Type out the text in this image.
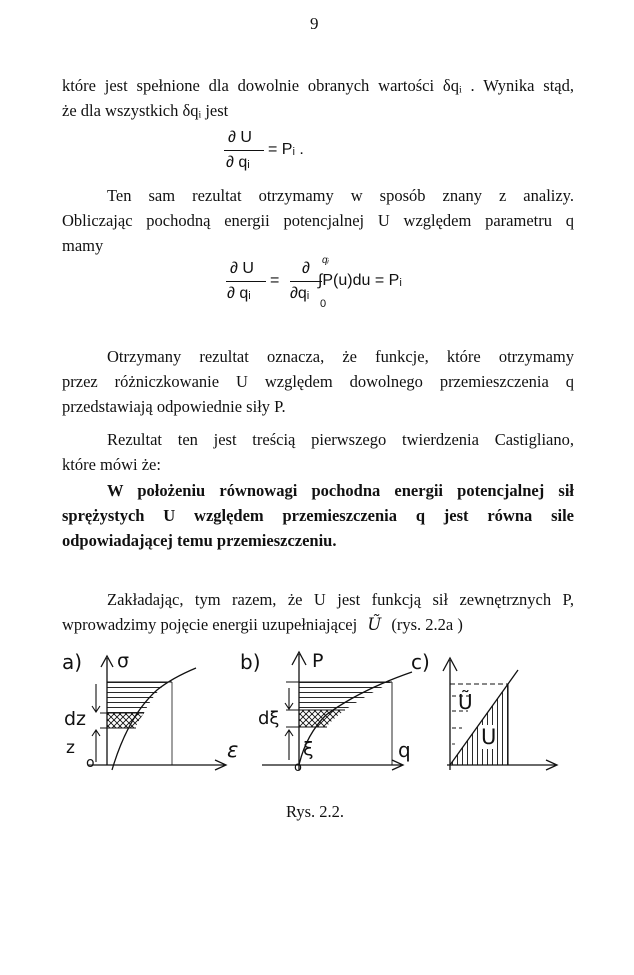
9
które jest spełnione dla dowolnie obranych wartości δqᵢ . Wynika stąd,
że dla wszystkich δqᵢ jest
∂ U
∂ qᵢ
= Pᵢ .
Ten sam rezultat otrzymamy w sposób znany z analizy.
Obliczając pochodną energii potencjalnej U względem parametru q
mamy
∂ U
∂ qᵢ
=
∂
∂qᵢ
qᵢ
0
∫P(u)du = Pᵢ
Otrzymany rezultat oznacza, że funkcje, które otrzymamy
przez różniczkowanie U względem dowolnego przemieszczenia q
przedstawiają odpowiednie siły P.
Rezultat ten jest treścią pierwszego twierdzenia Castigliano,
które mówi że:
W położeniu równowagi pochodna energii potencjalnej sił
sprężystych U względem przemieszczenia q jest równa sile
odpowiadającej temu przemieszczeniu.
Zakładając, tym razem, że U jest funkcją sił zewnętrznych P,
wprowadzimy pojęcie energii uzupełniającej Ũ (rys. 2.2a )
a) σ
dz
z
o
ε
b)	P
dξ
ξ
o
q
c)
Ũ
U
Rys. 2.2.
